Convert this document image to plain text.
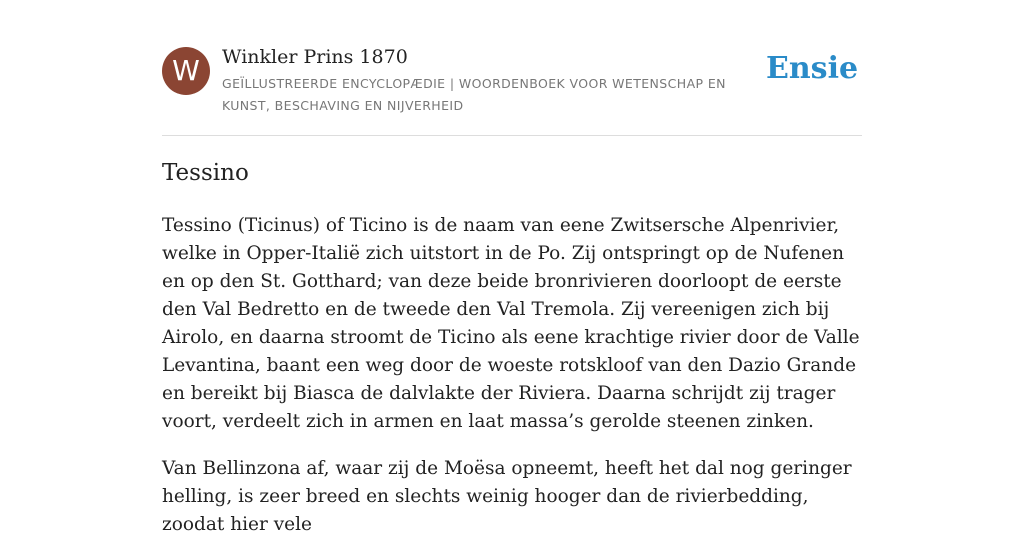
W	Winkler Prins 1870
GEÏLLUSTREERDE ENCYCLOPÆDIE | WOORDENBOEK VOOR WETENSCHAP EN KUNST, BESCHAVING EN NIJVERHEID
Ensie
Tessino

Tessino (Ticinus) of Ticino is de naam van eene Zwitsersche Alpenrivier, welke in Opper-Italië zich uitstort in de Po. Zij ontspringt op de Nufenen en op den St. Gotthard; van deze beide bronrivieren doorloopt de eerste den Val Bedretto en de tweede den Val Tremola. Zij vereenigen zich bij Airolo, en daarna stroomt de Ticino als eene krachtige rivier door de Valle Levantina, baant een weg door de woeste rotskloof van den Dazio Grande en bereikt bij Biasca de dalvlakte der Riviera. Daarna schrijdt zij trager voort, verdeelt zich in armen en laat massa’s gerolde steenen zinken.

Van Bellinzona af, waar zij de Moësa opneemt, heeft het dal nog geringer helling, is zeer breed en slechts weinig hooger dan de rivierbedding, zoodat hier vele
